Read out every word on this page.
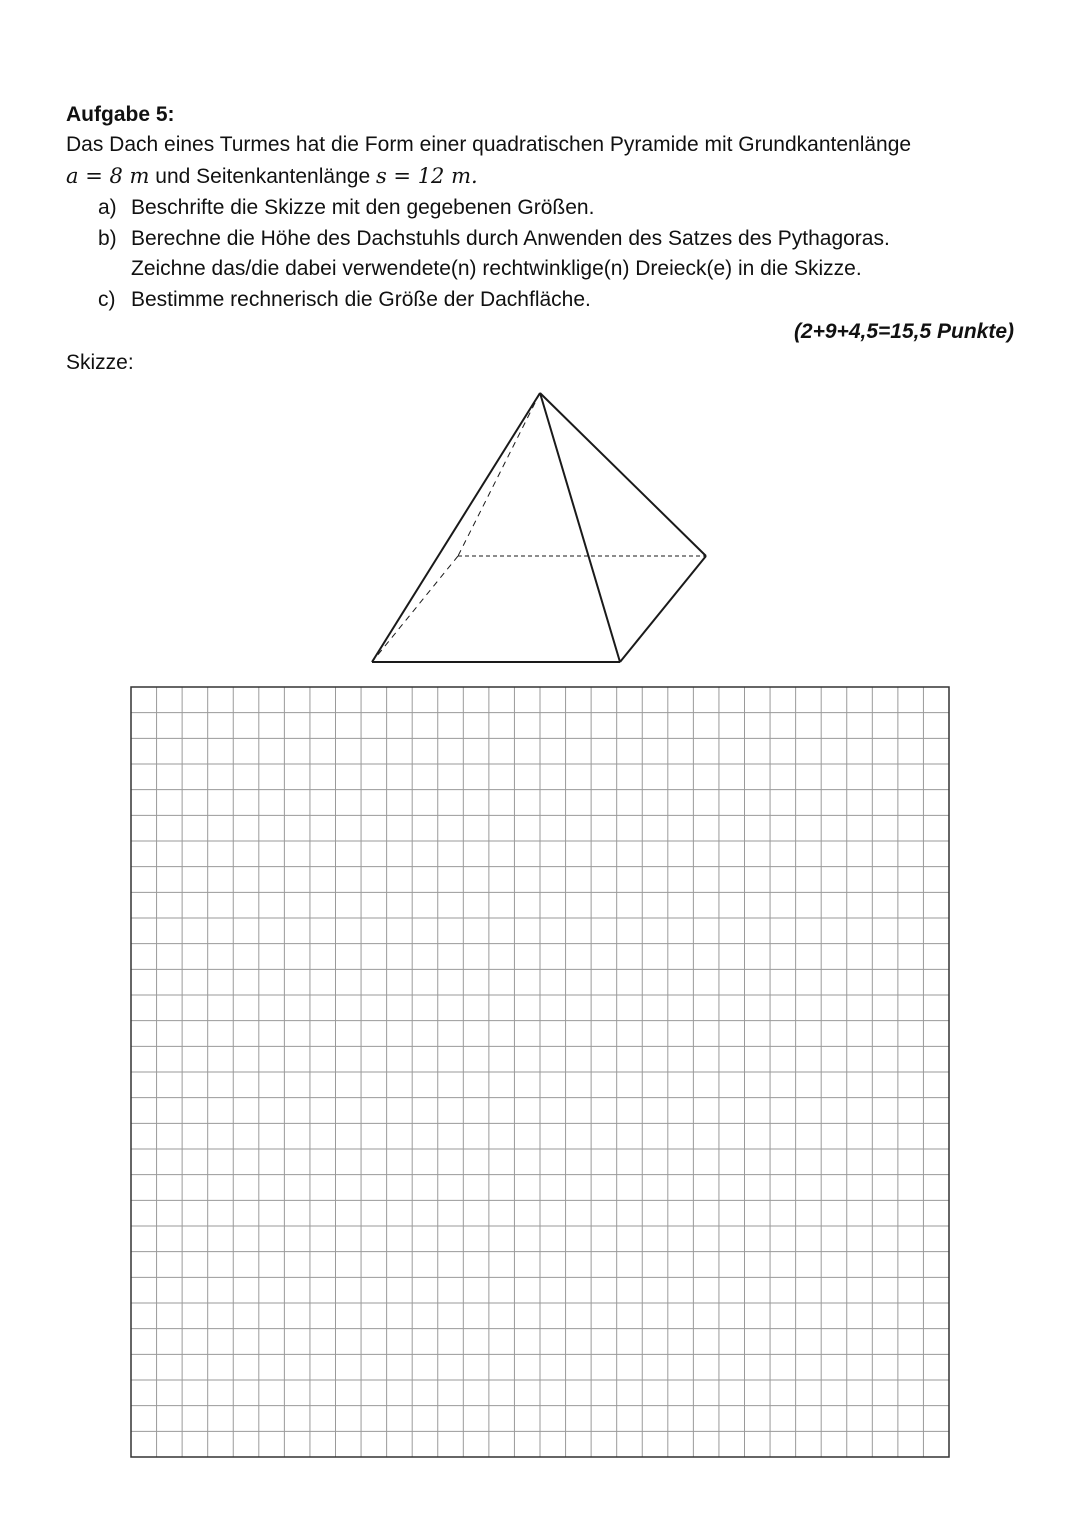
Aufgabe 5:
Das Dach eines Turmes hat die Form einer quadratischen Pyramide mit Grundkantenlänge
a = 8 m und Seitenkantenlänge s = 12 m.
a) Beschrifte die Skizze mit den gegebenen Größen.
b) Berechne die Höhe des Dachstuhls durch Anwenden des Satzes des Pythagoras.
Zeichne das/die dabei verwendete(n) rechtwinklige(n) Dreieck(e) in die Skizze.
c) Bestimme rechnerisch die Größe der Dachfläche.
(2+9+4,5=15,5 Punkte)
Skizze:
